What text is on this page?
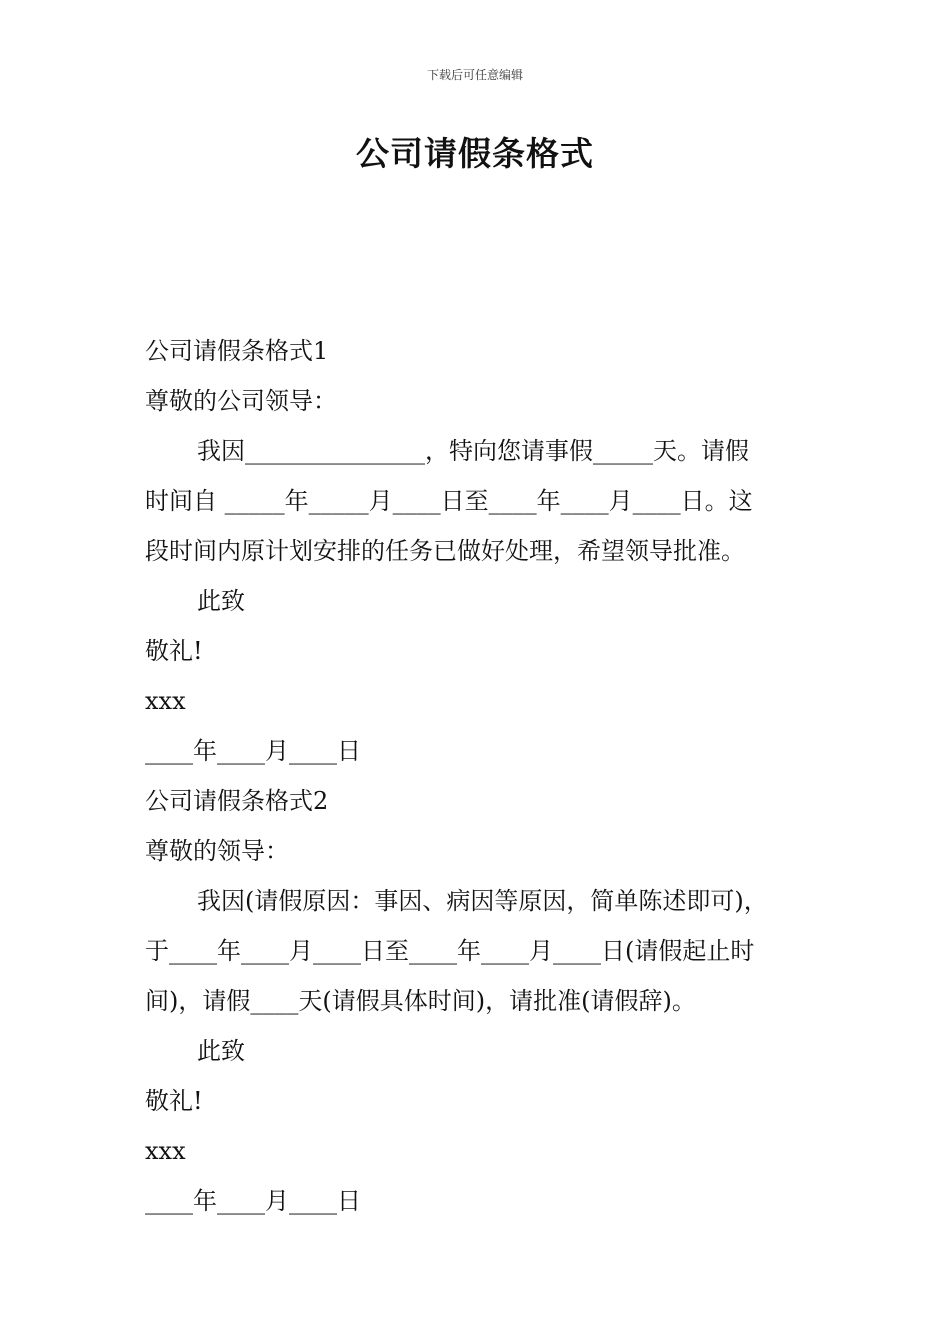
下载后可任意编辑
公司请假条格式
公司请假条格式1
尊敬的公司领导：
我因_______________，特向您请事假_____天。请假
时间自 _____年_____月____日至____年____月____日。这
段时间内原计划安排的任务已做好处理，希望领导批准。
此致
敬礼!
xxx
____年____月____日
公司请假条格式2
尊敬的领导：
我因(请假原因：事因、病因等原因，简单陈述即可)，
于____年____月____日至____年____月____日(请假起止时
间)，请假____天(请假具体时间)，请批准(请假辞)。
此致
敬礼!
xxx
____年____月____日
